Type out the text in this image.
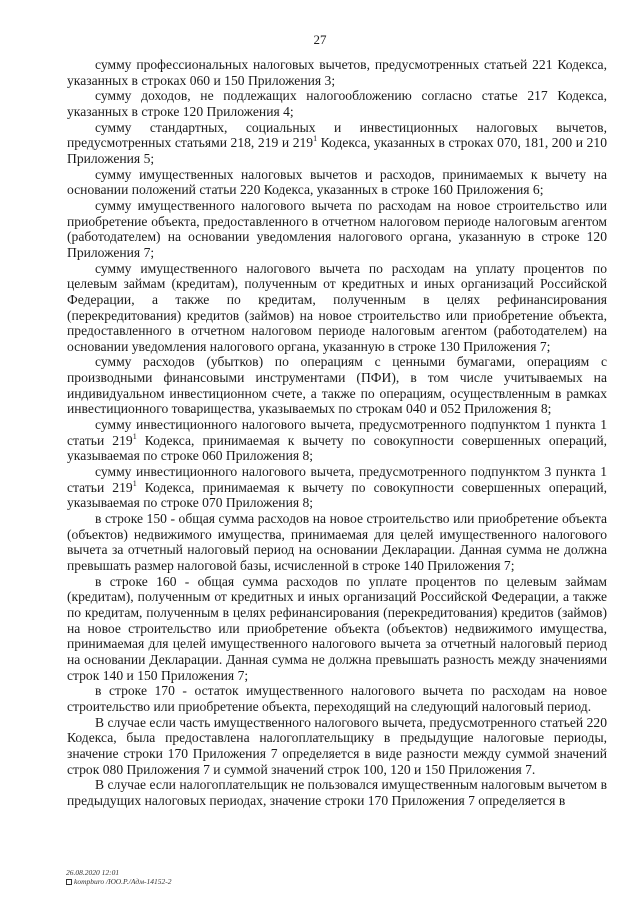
27

сумму профессиональных налоговых вычетов, предусмотренных статьей 221 Кодекса, указанных в строках 060 и 150 Приложения 3;

сумму доходов, не подлежащих налогообложению согласно статье 217 Кодекса, указанных в строке 120 Приложения 4;

сумму стандартных, социальных и инвестиционных налоговых вычетов, предусмотренных статьями 218, 219 и $219^1$ Кодекса, указанных в строках 070, 181, 200 и 210 Приложения 5;

сумму имущественных налоговых вычетов и расходов, принимаемых к вычету на основании положений статьи 220 Кодекса, указанных в строке 160 Приложения 6;

сумму имущественного налогового вычета по расходам на новое строительство или приобретение объекта, предоставленного в отчетном налоговом периоде налоговым агентом (работодателем) на основании уведомления налогового органа, указанную в строке 120 Приложения 7;

сумму имущественного налогового вычета по расходам на уплату процентов по целевым займам (кредитам), полученным от кредитных и иных организаций Российской Федерации, а также по кредитам, полученным в целях рефинансирования (перекредитования) кредитов (займов) на новое строительство или приобретение объекта, предоставленного в отчетном налоговом периоде налоговым агентом (работодателем) на основании уведомления налогового органа, указанную в строке 130 Приложения 7;

сумму расходов (убытков) по операциям с ценными бумагами, операциям с производными финансовыми инструментами (ПФИ), в том числе учитываемых на индивидуальном инвестиционном счете, а также по операциям, осуществленным в рамках инвестиционного товарищества, указываемых по строкам 040 и 052 Приложения 8;

сумму инвестиционного налогового вычета, предусмотренного подпунктом 1 пункта 1 статьи $219^1$ Кодекса, принимаемая к вычету по совокупности совершенных операций, указываемая по строке 060 Приложения 8;

сумму инвестиционного налогового вычета, предусмотренного подпунктом 3 пункта 1 статьи $219^1$ Кодекса, принимаемая к вычету по совокупности совершенных операций, указываемая по строке 070 Приложения 8;

в строке 150 - общая сумма расходов на новое строительство или приобретение объекта (объектов) недвижимого имущества, принимаемая для целей имущественного налогового вычета за отчетный налоговый период на основании Декларации. Данная сумма не должна превышать размер налоговой базы, исчисленной в строке 140 Приложения 7;

в строке 160 - общая сумма расходов по уплате процентов по целевым займам (кредитам), полученным от кредитных и иных организаций Российской Федерации, а также по кредитам, полученным в целях рефинансирования (перекредитования) кредитов (займов) на новое строительство или приобретение объекта (объектов) недвижимого имущества, принимаемая для целей имущественного налогового вычета за отчетный налоговый период на основании Декларации. Данная сумма не должна превышать разность между значениями строк 140 и 150 Приложения 7;

в строке 170 - остаток имущественного налогового вычета по расходам на новое строительство или приобретение объекта, переходящий на следующий налоговый период.

В случае если часть имущественного налогового вычета, предусмотренного статьей 220 Кодекса, была предоставлена налогоплательщику в предыдущие налоговые периоды, значение строки 170 Приложения 7 определяется в виде разности между суммой значений строк 080 Приложения 7 и суммой значений строк 100, 120 и 150 Приложения 7.

В случае если налогоплательщик не пользовался имущественным налоговым вычетом в предыдущих налоговых периодах, значение строки 170 Приложения 7 определяется в

26.08.2020 12:01
kompburo /ЮО.Р./Адм-14152-2
